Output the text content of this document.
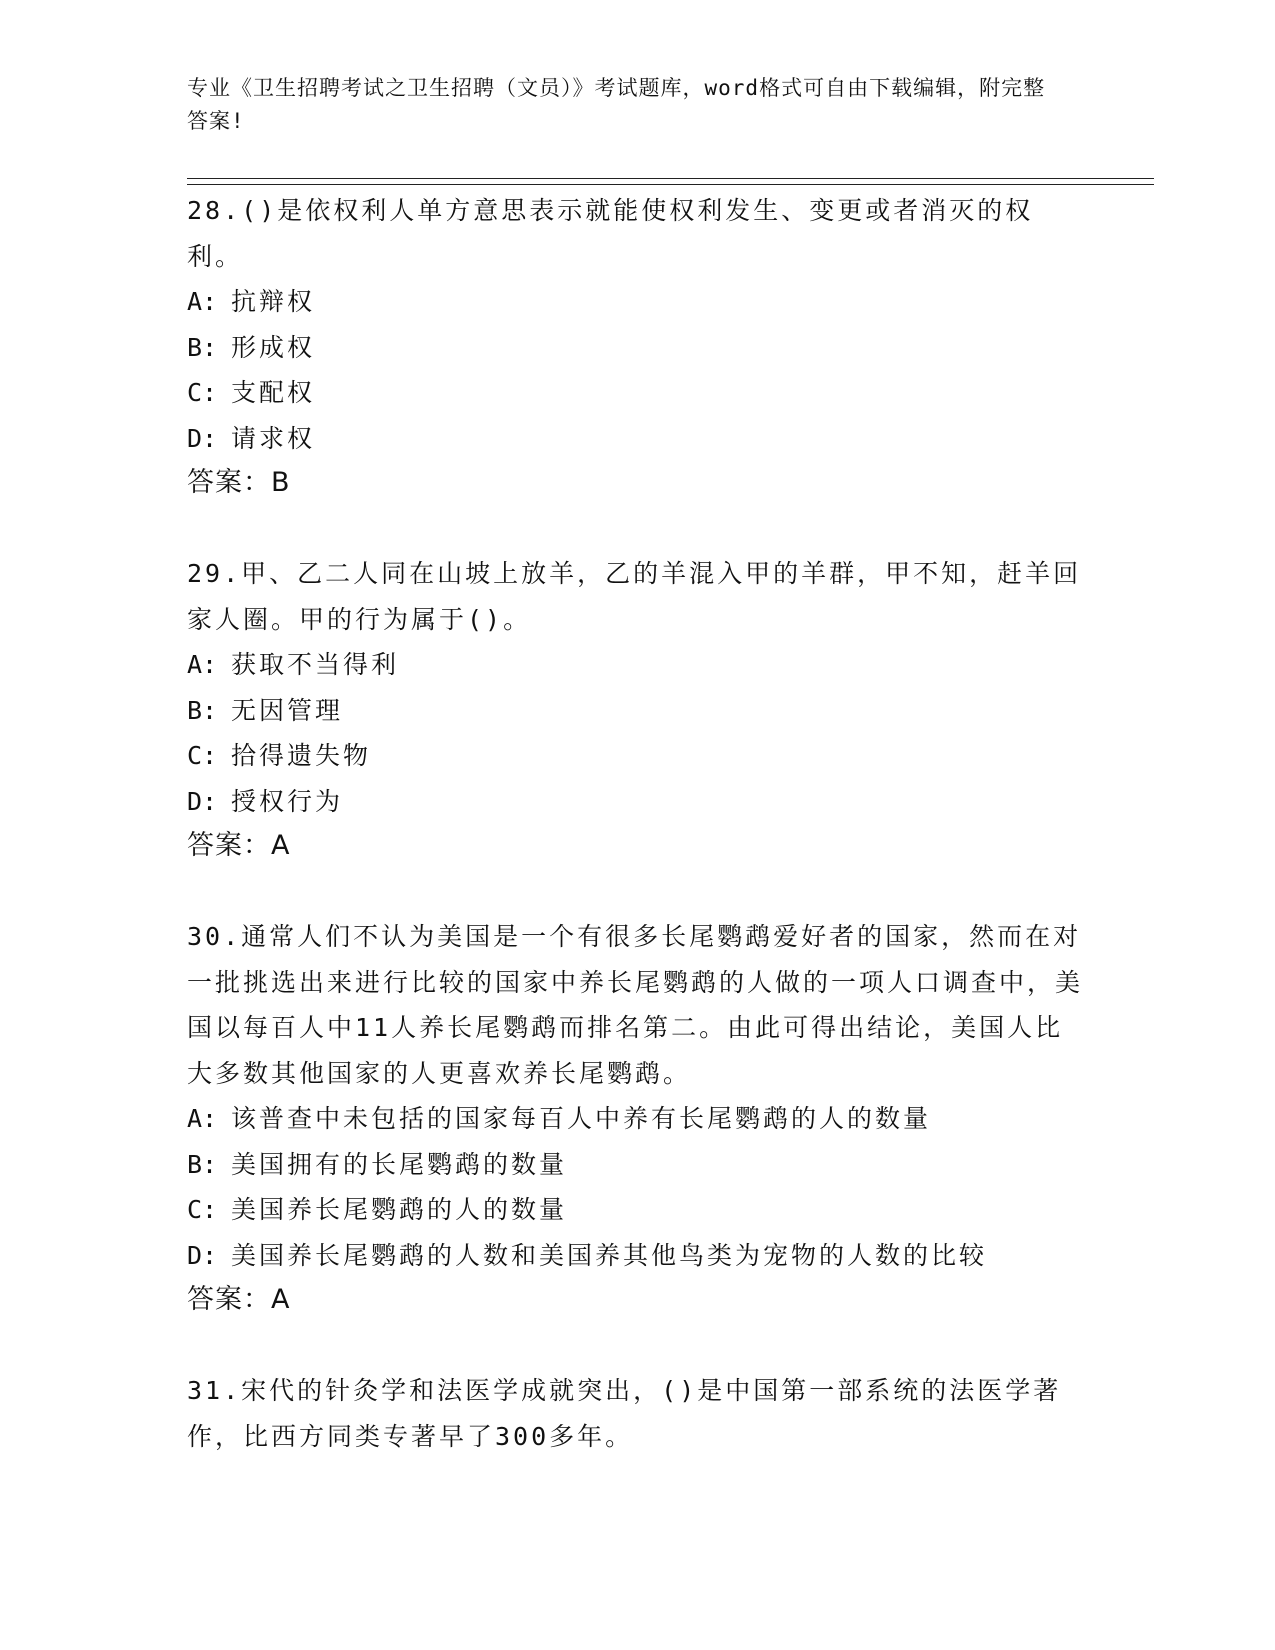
专业《卫生招聘考试之卫生招聘（文员）》考试题库，word格式可自由下载编辑，附完整答案!

28.()是依权利人单方意思表示就能使权利发生、变更或者消灭的权利。

A: 抗辩权

B: 形成权

C: 支配权

D: 请求权

答案：B

29.甲、乙二人同在山坡上放羊，乙的羊混入甲的羊群，甲不知，赶羊回家人圈。甲的行为属于()。

A: 获取不当得利

B: 无因管理

C: 拾得遗失物

D: 授权行为

答案：A

30.通常人们不认为美国是一个有很多长尾鹦鹉爱好者的国家，然而在对一批挑选出来进行比较的国家中养长尾鹦鹉的人做的一项人口调查中，美国以每百人中11人养长尾鹦鹉而排名第二。由此可得出结论，美国人比大多数其他国家的人更喜欢养长尾鹦鹉。

A: 该普查中未包括的国家每百人中养有长尾鹦鹉的人的数量

B: 美国拥有的长尾鹦鹉的数量

C: 美国养长尾鹦鹉的人的数量

D: 美国养长尾鹦鹉的人数和美国养其他鸟类为宠物的人数的比较

答案：A

31.宋代的针灸学和法医学成就突出，()是中国第一部系统的法医学著作，比西方同类专著早了300多年。
